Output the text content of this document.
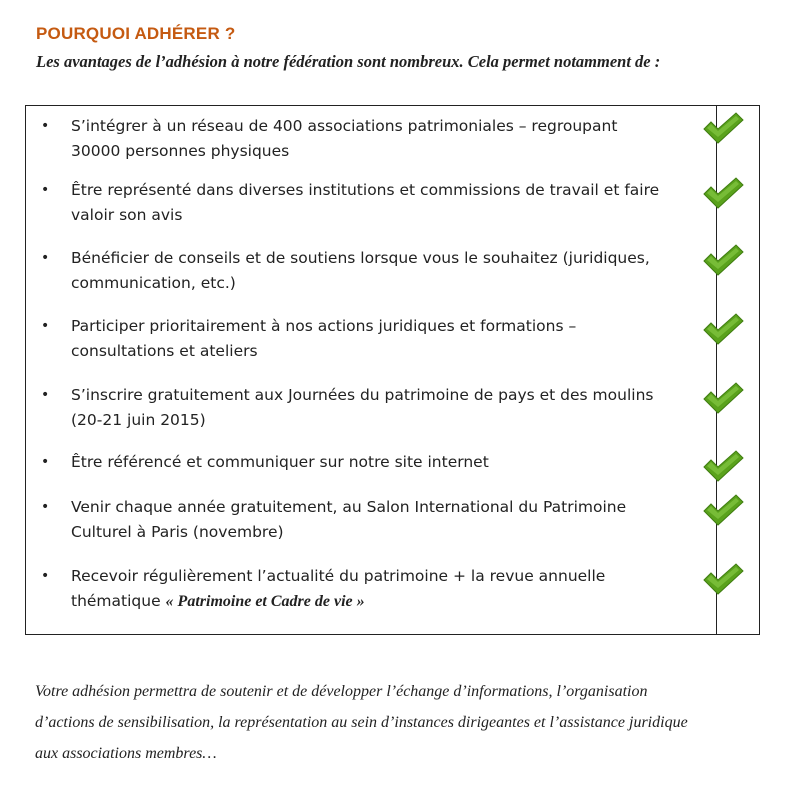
POURQUOI ADHÉRER ?
Les avantages de l’adhésion à notre fédération sont nombreux. Cela permet notamment de :
• S’intégrer à un réseau de 400 associations patrimoniales – regroupant
30000 personnes physiques
• Être représenté dans diverses institutions et commissions de travail et faire
valoir son avis
• Bénéficier de conseils et de soutiens lorsque vous le souhaitez (juridiques,
communication, etc.)
• Participer prioritairement à nos actions juridiques et formations –
consultations et ateliers
• S’inscrire gratuitement aux Journées du patrimoine de pays et des moulins
(20-21 juin 2015)
• Être référencé et communiquer sur notre site internet
• Venir chaque année gratuitement, au Salon International du Patrimoine
Culturel à Paris (novembre)
• Recevoir régulièrement l’actualité du patrimoine + la revue annuelle
thématique « Patrimoine et Cadre de vie »
Votre adhésion permettra de soutenir et de développer l’échange d’informations, l’organisation
d’actions de sensibilisation, la représentation au sein d’instances dirigeantes et l’assistance juridique
aux associations membres…
